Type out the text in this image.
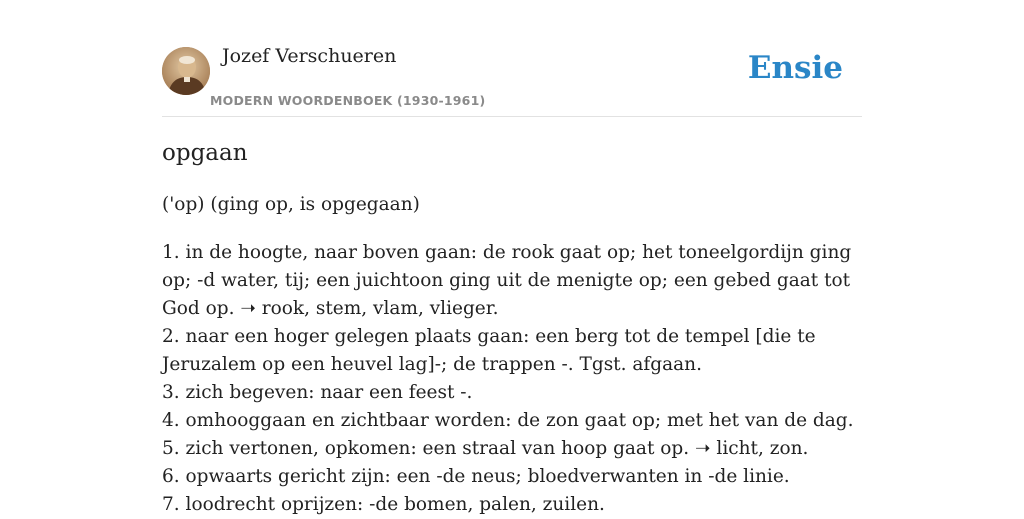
Jozef Verschueren
MODERN WOORDENBOEK (1930-1961)
Ensie
opgaan
('op) (ging op, is opgegaan)

1. in de hoogte, naar boven gaan: de rook gaat op; het toneelgordijn ging op; -d water, tij; een juichtoon ging uit de menigte op; een gebed gaat tot God op. ➝ rook, stem, vlam, vlieger.

2. naar een hoger gelegen plaats gaan: een berg tot de tempel [die te Jeruzalem op een heuvel lag]-; de trappen -. Tgst. afgaan.

3. zich begeven: naar een feest -.

4. omhooggaan en zichtbaar worden: de zon gaat op; met het van de dag.

5. zich vertonen, opkomen: een straal van hoop gaat op. ➝ licht, zon.

6. opwaarts gericht zijn: een -de neus; bloedverwanten in -de linie.

7. loodrecht oprijzen: -de bomen, palen, zuilen.
